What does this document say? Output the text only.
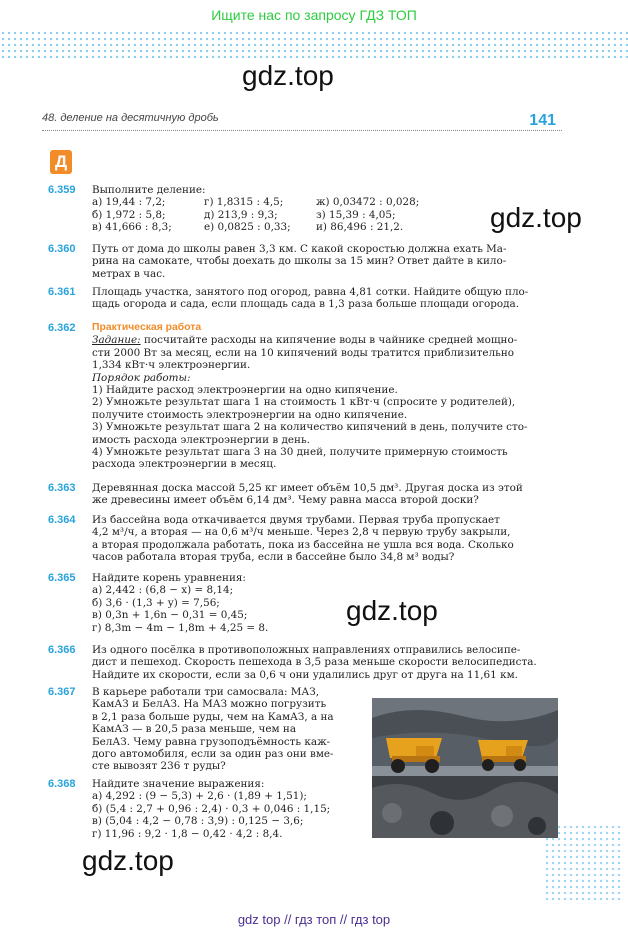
Ищите нас по запросу ГДЗ ТОП
48. деление на десятичную дробь	141
Д
gdz.top
gdz.top
gdz.top
gdz.top
6.359 Выполните деление:
а) 19,44 : 7,2;	г) 1,8315 : 4,5;	ж) 0,03472 : 0,028;
б) 1,972 : 5,8;	д) 213,9 : 9,3;	з) 15,39 : 4,05;
в) 41,666 : 8,3;	е) 0,0825 : 0,33;	и) 86,496 : 21,2.
6.360 Путь от дома до школы равен 3,3 км. С какой скоростью должна ехать Ма-
рина на самокате, чтобы доехать до школы за 15 мин? Ответ дайте в кило-
метрах в час.
6.361 Площадь участка, занятого под огород, равна 4,81 сотки. Найдите общую пло-
щадь огорода и сада, если площадь сада в 1,3 раза больше площади огорода.
6.362 Практическая работа
Задание: посчитайте расходы на кипячение воды в чайнике средней мощно-
сти 2000 Вт за месяц, если на 10 кипячений воды тратится приблизительно
1,334 кВт·ч электроэнергии.
Порядок работы:
1) Найдите расход электроэнергии на одно кипячение.
2) Умножьте результат шага 1 на стоимость 1 кВт·ч (спросите у родителей),
получите стоимость электроэнергии на одно кипячение.
3) Умножьте результат шага 2 на количество кипячений в день, получите сто-
имость расхода электроэнергии в день.
4) Умножьте результат шага 3 на 30 дней, получите примерную стоимость
расхода электроэнергии в месяц.
6.363 Деревянная доска массой 5,25 кг имеет объём 10,5 дм³. Другая доска из этой
же древесины имеет объём 6,14 дм³. Чему равна масса второй доски?
6.364 Из бассейна вода откачивается двумя трубами. Первая труба пропускает
4,2 м³/ч, а вторая — на 0,6 м³/ч меньше. Через 2,8 ч первую трубу закрыли,
а вторая продолжала работать, пока из бассейна не ушла вся вода. Сколько
часов работала вторая труба, если в бассейне было 34,8 м³ воды?
6.365 Найдите корень уравнения:
а) 2,442 : (6,8 − x) = 8,14;
б) 3,6 · (1,3 + y) = 7,56;
в) 0,3n + 1,6n − 0,31 = 0,45;
г) 8,3m − 4m − 1,8m + 4,25 = 8.
6.366 Из одного посёлка в противоположных направлениях отправились велосипе-
дист и пешеход. Скорость пешехода в 3,5 раза меньше скорости велосипедиста.
Найдите их скорости, если за 0,6 ч они удалились друг от друга на 11,61 км.
6.367 В карьере работали три самосвала: МАЗ,
КамАЗ и БелАЗ. На МАЗ можно погрузить
в 2,1 раза больше руды, чем на КамАЗ, а на
КамАЗ — в 20,5 раза меньше, чем на
БелАЗ. Чему равна грузоподъёмность каж-
дого автомобиля, если за один раз они вме-
сте вывозят 236 т руды?
6.368 Найдите значение выражения:
а) 4,292 : (9 − 5,3) + 2,6 · (1,89 + 1,51);
б) (5,4 : 2,7 + 0,96 : 2,4) · 0,3 + 0,046 : 1,15;
в) (5,04 : 4,2 − 0,78 : 3,9) : 0,125 − 3,6;
г) 11,96 : 9,2 · 1,8 − 0,42 · 4,2 : 8,4.
gdz top // гдз топ // гдз top
